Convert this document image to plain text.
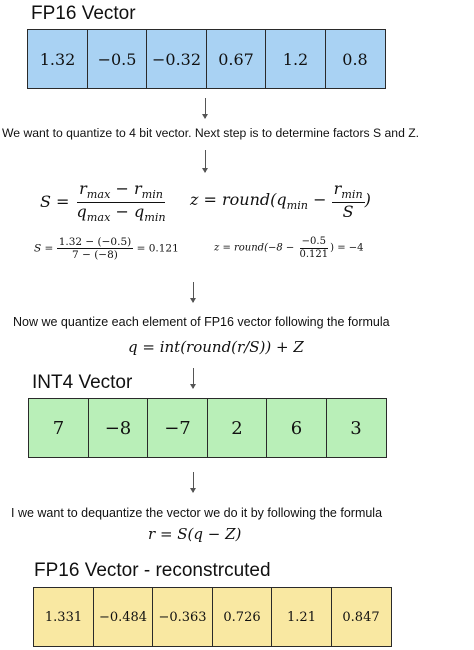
FP16 Vector
1.32	−0.5 −0.32	0.67	1.2	0.8
We want to quantize to 4 bit vector. Next step is to determine factors S and Z.
$S = \frac{r_{max} - r_{min}}{q_{max} - q_{min}}$ $z = round(q_{min} - \frac{r_{min}}{S}$ )
$S = \frac{1.32 - (-0.5)}{7 - (-8)} = 0.121$	z = round(−8 − $\frac{-0.5}{0.121}$ ) = −4
Now we quantize each element of FP16 vector following the formula
q = int(round(r/S)) + Z
INT4 Vector
7	−8	−7	2	6	3
I we want to dequantize the vector we do it by following the formula
r = S(q − Z)
FP16 Vector - reconstrcuted
1.331	−0.484 −0.363	0.726	1.21	0.847
